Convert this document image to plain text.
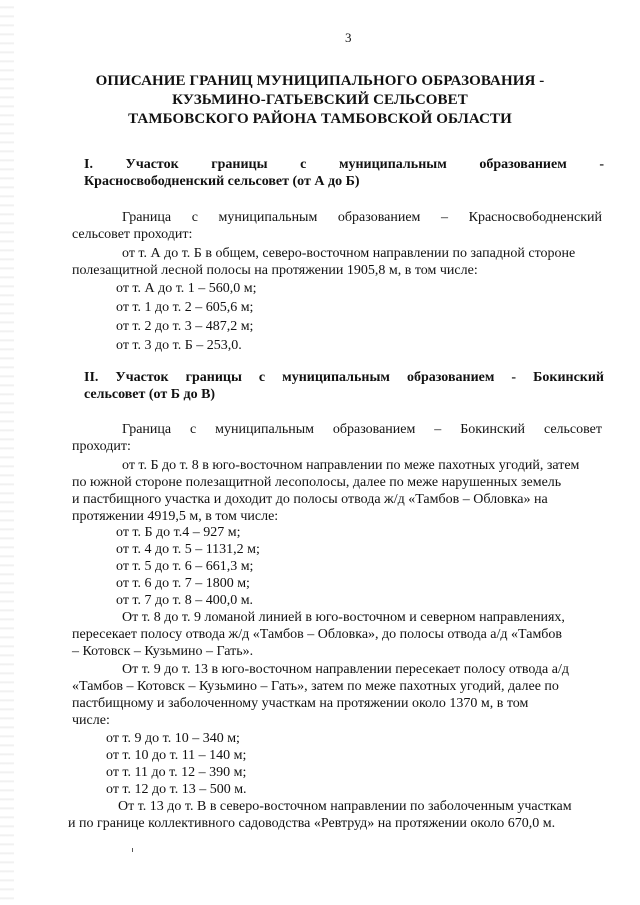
3
ОПИСАНИЕ ГРАНИЦ МУНИЦИПАЛЬНОГО ОБРАЗОВАНИЯ -
КУЗЬМИНО-ГАТЬЕВСКИЙ СЕЛЬСОВЕТ
ТАМБОВСКОГО РАЙОНА ТАМБОВСКОЙ ОБЛАСТИ
I. Участок границы с муниципальным образованием -
Красносвободненский сельсовет (от А до Б)
Граница с муниципальным образованием – Красносвободненский
сельсовет проходит:
от т. А до т. Б в общем, северо-восточном направлении по западной стороне
полезащитной лесной полосы на протяжении 1905,8 м, в том числе:
от т. А до т. 1 – 560,0 м;
от т. 1 до т. 2 – 605,6 м;
от т. 2 до т. 3 – 487,2 м;
от т. 3 до т. Б – 253,0.
II. Участок границы с муниципальным образованием - Бокинский
сельсовет (от Б до В)
Граница с муниципальным образованием – Бокинский сельсовет
проходит:
от т. Б до т. 8 в юго-восточном направлении по меже пахотных угодий, затем
по южной стороне полезащитной лесополосы, далее по меже нарушенных земель
и пастбищного участка и доходит до полосы отвода ж/д «Тамбов – Обловка» на
протяжении 4919,5 м, в том числе:
от т. Б до т.4 – 927 м;
от т. 4 до т. 5 – 1131,2 м;
от т. 5 до т. 6 – 661,3 м;
от т. 6 до т. 7 – 1800 м;
от т. 7 до т. 8 – 400,0 м.
От т. 8 до т. 9 ломаной линией в юго-восточном и северном направлениях,
пересекает полосу отвода ж/д «Тамбов – Обловка», до полосы отвода а/д «Тамбов
– Котовск – Кузьмино – Гать».
От т. 9 до т. 13 в юго-восточном направлении пересекает полосу отвода а/д
«Тамбов – Котовск – Кузьмино – Гать», затем по меже пахотных угодий, далее по
пастбищному и заболоченному участкам на протяжении около 1370 м, в том
числе:
от т. 9 до т. 10 – 340 м;
от т. 10 до т. 11 – 140 м;
от т. 11 до т. 12 – 390 м;
от т. 12 до т. 13 – 500 м.
От т. 13 до т. В в северо-восточном направлении по заболоченным участкам
и по границе коллективного садоводства «Ревтруд» на протяжении около 670,0 м.
